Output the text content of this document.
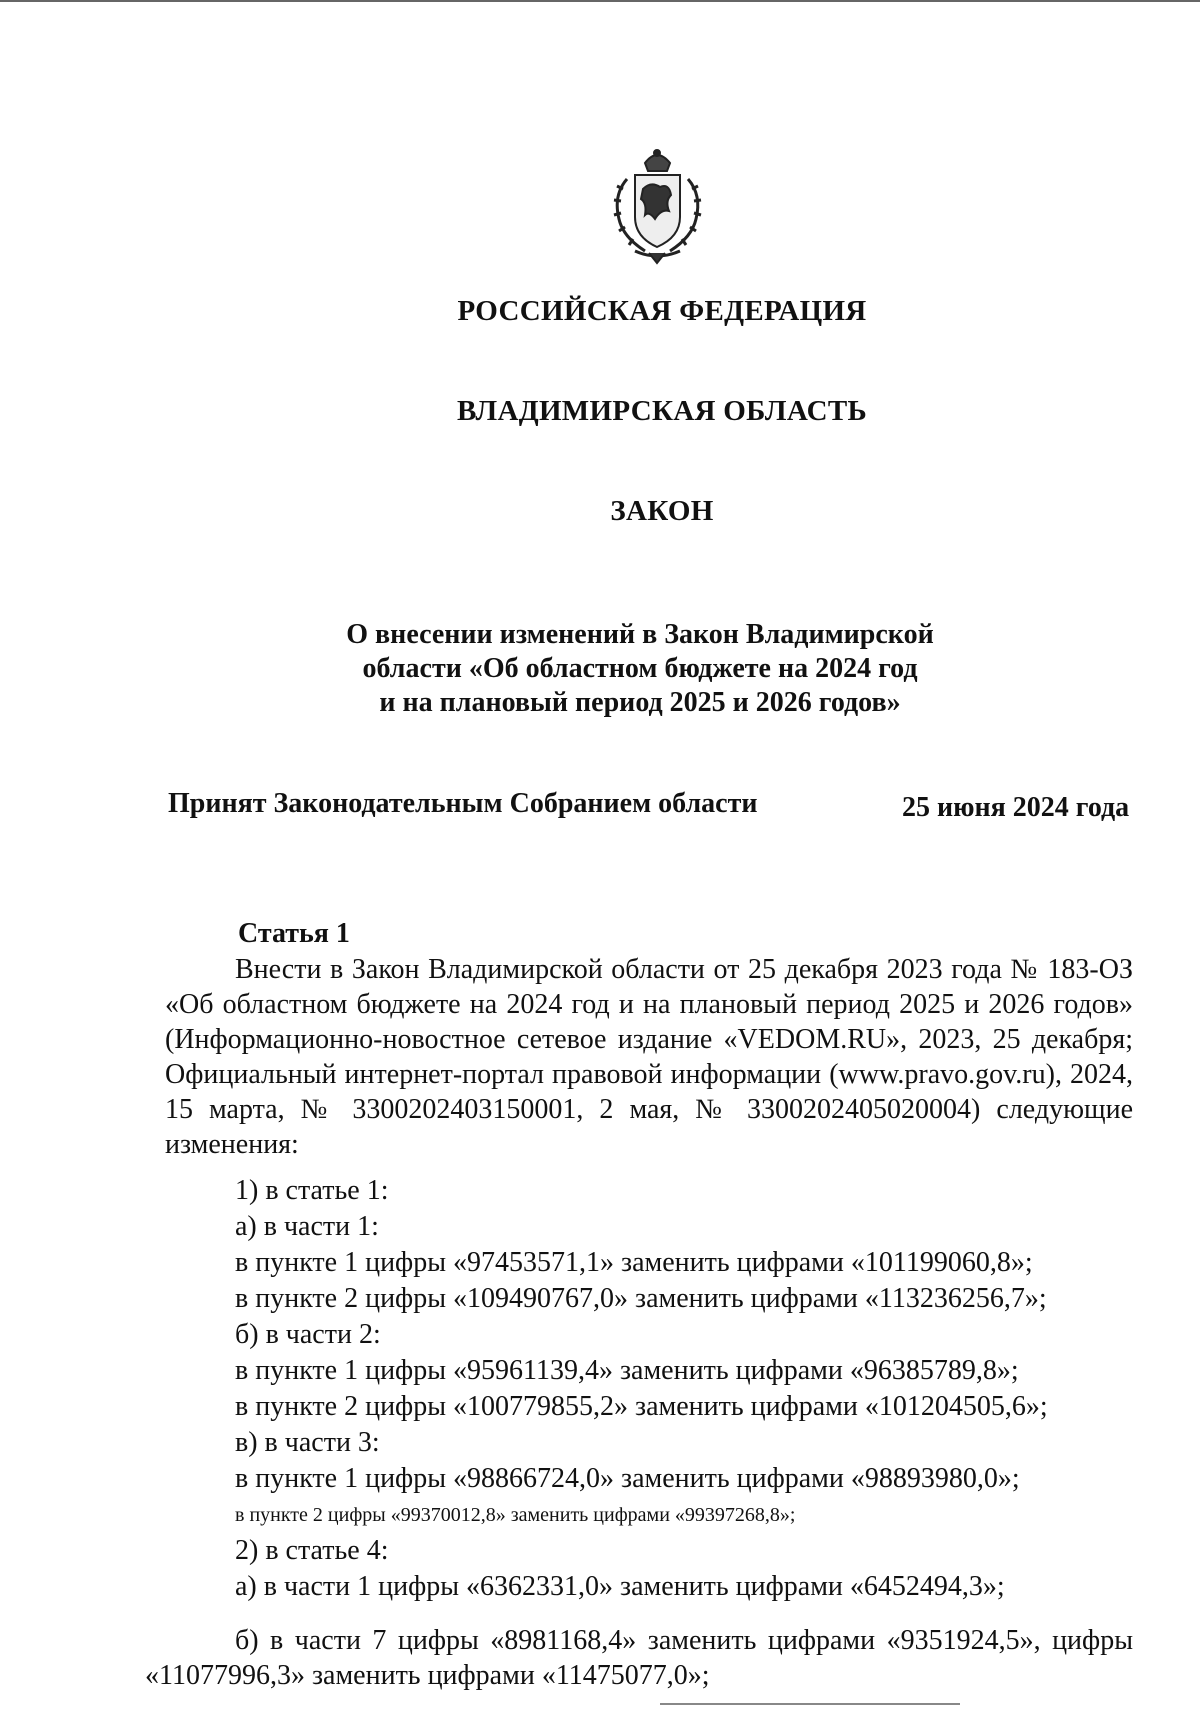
РОССИЙСКАЯ ФЕДЕРАЦИЯ
ВЛАДИМИРСКАЯ ОБЛАСТЬ
ЗАКОН
О внесении изменений в Закон Владимирской
области «Об областном бюджете на 2024 год
и на плановый период 2025 и 2026 годов»
Принят Законодательным Собранием области	25 июня 2024 года
Статья 1
Внести в Закон Владимирской области от 25 декабря 2023 года № 183-ОЗ «Об областном бюджете на 2024 год и на плановый период 2025 и 2026 годов» (Информационно-новостное сетевое издание «VEDOM.RU», 2023, 25 декабря; Официальный интернет-портал правовой информации (www.pravo.gov.ru), 2024, 15 марта, № 3300202403150001, 2 мая, № 3300202405020004) следующие изменения:
1) в статье 1:
а) в части 1:
в пункте 1 цифры «97453571,1» заменить цифрами «101199060,8»;
в пункте 2 цифры «109490767,0» заменить цифрами «113236256,7»;
б) в части 2:
в пункте 1 цифры «95961139,4» заменить цифрами «96385789,8»;
в пункте 2 цифры «100779855,2» заменить цифрами «101204505,6»;
в) в части 3:
в пункте 1 цифры «98866724,0» заменить цифрами «98893980,0»;
в пункте 2 цифры «99370012,8» заменить цифрами «99397268,8»;
2) в статье 4:
а) в части 1 цифры «6362331,0» заменить цифрами «6452494,3»;
б) в части 7 цифры «8981168,4» заменить цифрами «9351924,5», цифры «11077996,3» заменить цифрами «11475077,0»;
